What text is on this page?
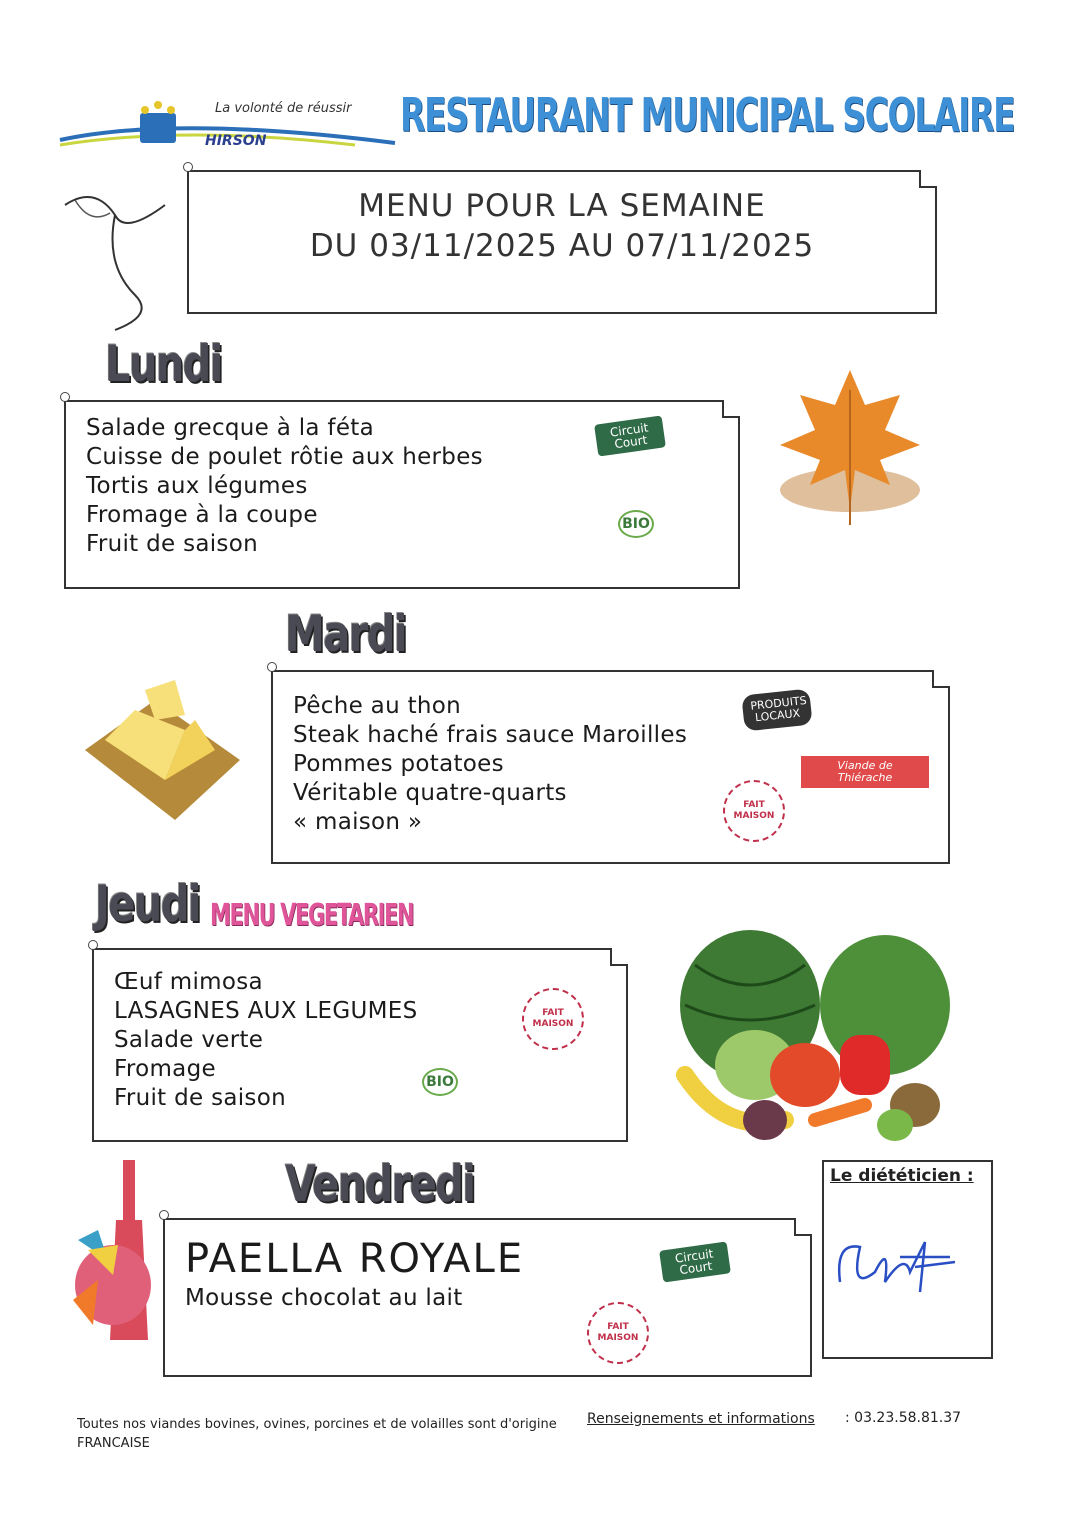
La volonté de réussir
HIRSON	RESTAURANT MUNICIPAL SCOLAIRE
MENU POUR LA SEMAINE
DU 03/11/2025 AU 07/11/2025
Lundi
Salade grecque à la féta
Cuisse de poulet rôtie aux herbes
Tortis aux légumes
Fromage à la coupe
Fruit de saison
Circuit Court
BIO
Mardi
Pêche au thon
Steak haché frais sauce Maroilles
Pommes potatoes
Véritable quatre-quarts
« maison »
PRODUITS LOCAUX
Viande de Thiérache
FAIT MAISON
Jeudi MENU VEGETARIEN
Œuf mimosa
LASAGNES AUX LEGUMES
Salade verte
Fromage
Fruit de saison
FAIT MAISON
BIO
Vendredi
PAELLA ROYALE
Mousse chocolat au lait
Circuit Court
FAIT MAISON
Le diététicien :
Toutes nos viandes bovines, ovines, porcines et de volailles sont d'origine FRANCAISE
Renseignements et informations : 03.23.58.81.37
